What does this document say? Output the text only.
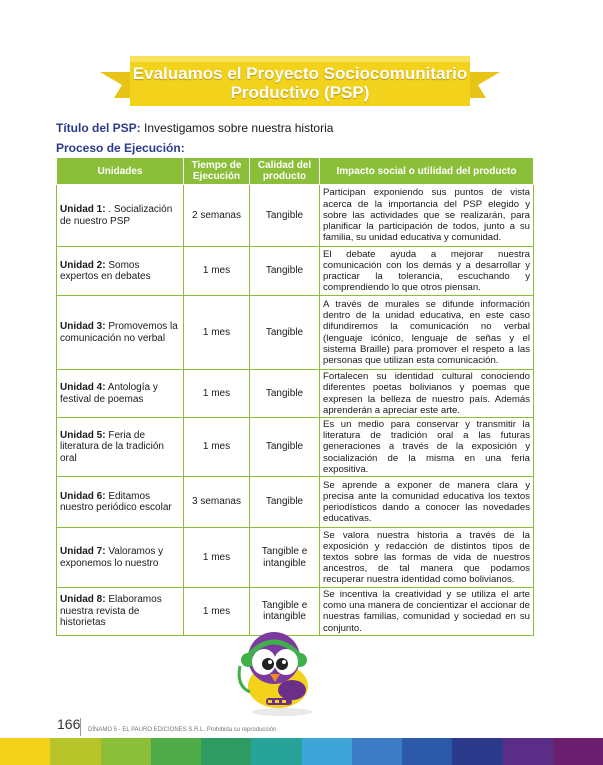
Evaluamos el Proyecto Sociocomunitario
Productivo (PSP)
Título del PSP: Investigamos sobre nuestra historia
Proceso de Ejecución:
Unidades	Tiempo de Ejecución	Calidad del producto	Impacto social o utilidad del producto
Unidad 1: . Socialización de nuestro PSP	2 semanas	Tangible	Participan exponiendo sus puntos de vista acerca de la importancia del PSP elegido y sobre las actividades que se realizarán, para planificar la participación de todos, junto a su familia, su unidad educativa y comunidad.
Unidad 2: Somos expertos en debates	1 mes	Tangible	El debate ayuda a mejorar nuestra comunicación con los demás y a desarrollar y practicar la tolerancia, escuchando y comprendiendo lo que otros piensan.
Unidad 3: Promovemos la comunicación no verbal	1 mes	Tangible	A través de murales se difunde información dentro de la unidad educativa, en este caso difundiremos la comunicación no verbal (lenguaje icónico, lenguaje de señas y el sistema Braille) para promover el respeto a las personas que utilizan esta comunicación.
Unidad 4: Antología y festival de poemas	1 mes	Tangible	Fortalecen su identidad cultural conociendo diferentes poetas bolivianos y poemas que expresen la belleza de nuestro país. Además aprenderán a apreciar este arte.
Unidad 5: Feria de literatura de la tradición oral	1 mes	Tangible	Es un medio para conservar y transmitir la literatura de tradición oral a las futuras generaciones a través de la exposición y socialización de la misma en una feria expositiva.
Unidad 6: Editamos nuestro periódico escolar	3 semanas	Tangible	Se aprende a exponer de manera clara y precisa ante la comunidad educativa los textos periodísticos dando a conocer las novedades educativas.
Unidad 7: Valoramos y exponemos lo nuestro	1 mes	Tangible e intangible	Se valora nuestra historia a través de la exposición y redacción de distintos tipos de textos sobre las formas de vida de nuestros ancestros, de tal manera que podamos recuperar nuestra identidad como bolivianos.
Unidad 8: Elaboramos nuestra revista de historietas	1 mes	Tangible e intangible	Se incentiva la creatividad y se utiliza el arte como una manera de concientizar el accionar de nuestras familias, comunidad y sociedad en su conjunto.
166 DÍNAMO 5 - EL PAURO EDICIONES S.R.L. Prohibida su reproducción
